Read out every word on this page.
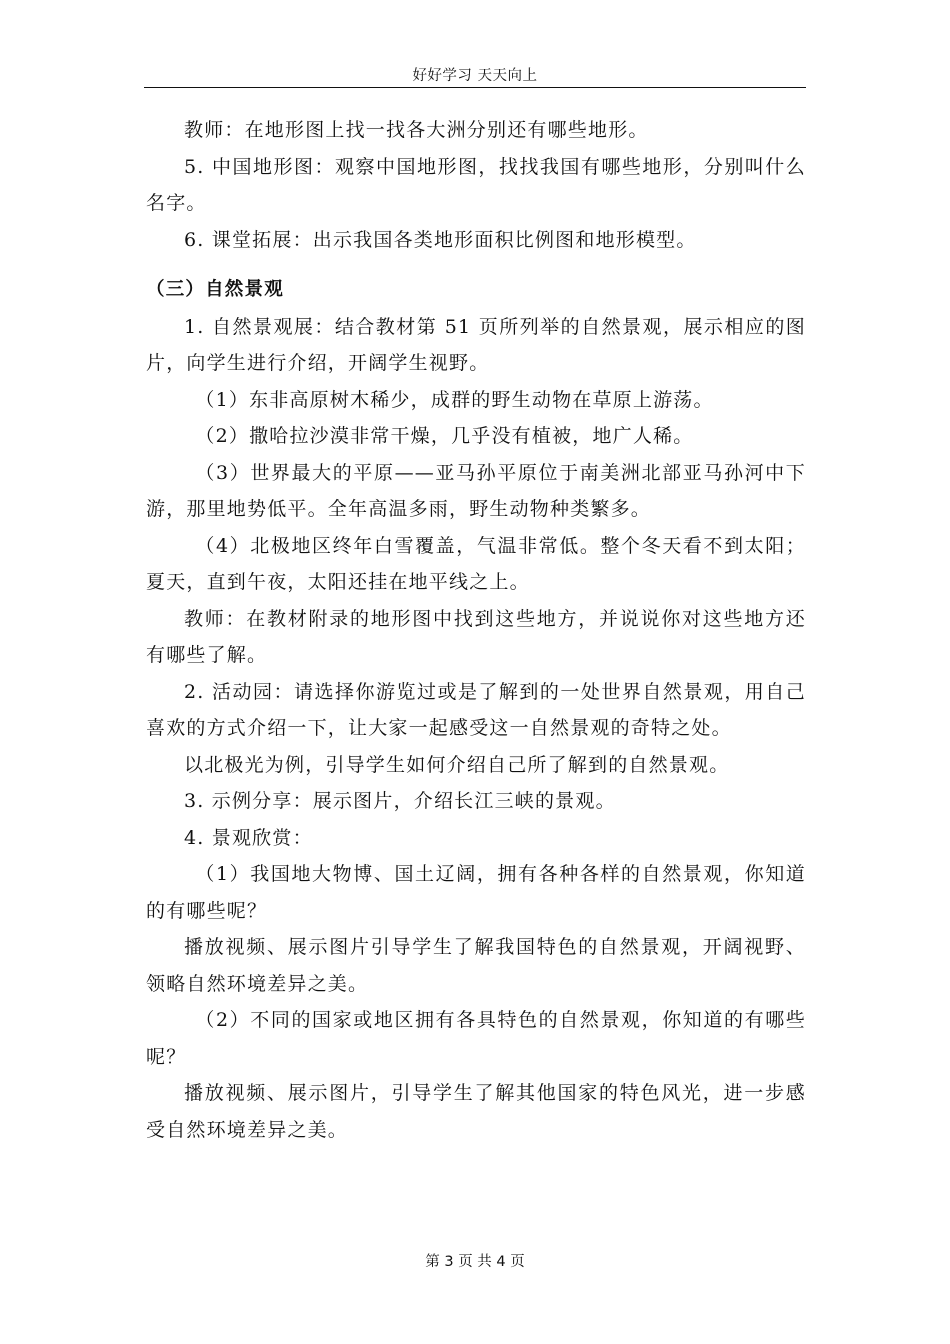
好好学习 天天向上

教师：在地形图上找一找各大洲分别还有哪些地形。

5. 中国地形图：观察中国地形图，找找我国有哪些地形，分别叫什么名字。

6. 课堂拓展：出示我国各类地形面积比例图和地形模型。

（三）自然景观

1. 自然景观展：结合教材第 51 页所列举的自然景观，展示相应的图片，向学生进行介绍，开阔学生视野。

（1）东非高原树木稀少，成群的野生动物在草原上游荡。

（2）撒哈拉沙漠非常干燥，几乎没有植被，地广人稀。

（3）世界最大的平原——亚马孙平原位于南美洲北部亚马孙河中下游，那里地势低平。全年高温多雨，野生动物种类繁多。

（4）北极地区终年白雪覆盖，气温非常低。整个冬天看不到太阳；夏天，直到午夜，太阳还挂在地平线之上。

教师：在教材附录的地形图中找到这些地方，并说说你对这些地方还有哪些了解。

2. 活动园：请选择你游览过或是了解到的一处世界自然景观，用自己喜欢的方式介绍一下，让大家一起感受这一自然景观的奇特之处。

以北极光为例，引导学生如何介绍自己所了解到的自然景观。

3. 示例分享：展示图片，介绍长江三峡的景观。

4. 景观欣赏：

（1）我国地大物博、国土辽阔，拥有各种各样的自然景观，你知道的有哪些呢？

播放视频、展示图片引导学生了解我国特色的自然景观，开阔视野、领略自然环境差异之美。

（2）不同的国家或地区拥有各具特色的自然景观，你知道的有哪些呢？

播放视频、展示图片，引导学生了解其他国家的特色风光，进一步感受自然环境差异之美。

第 3 页 共 4 页
